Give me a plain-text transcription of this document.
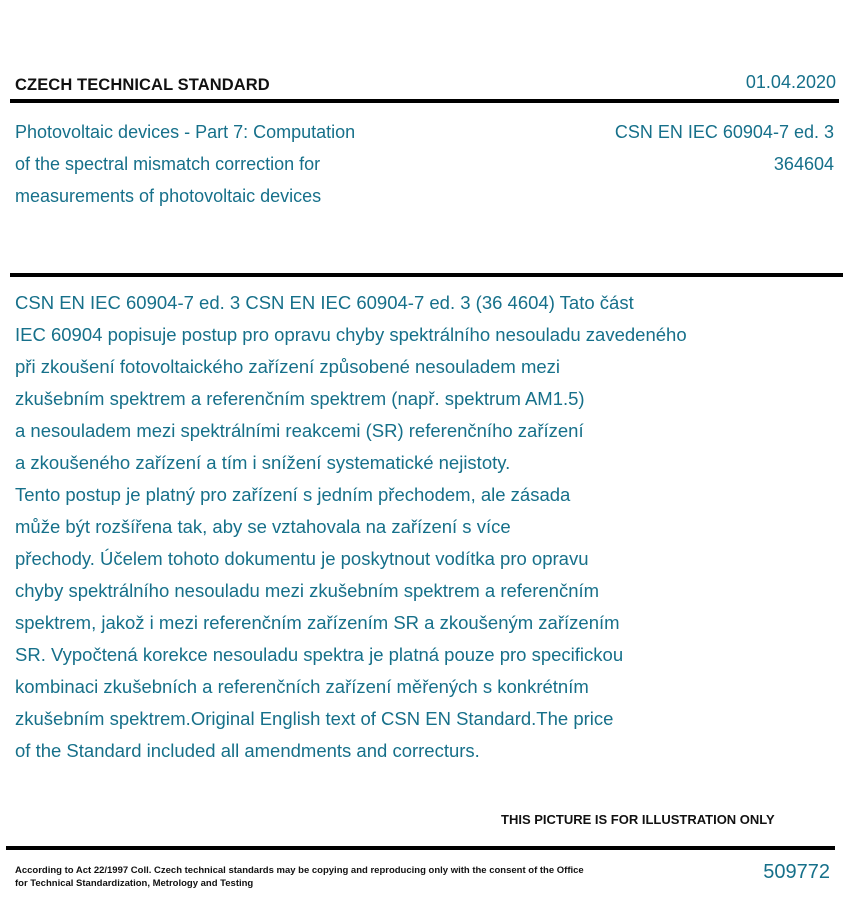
CZECH TECHNICAL STANDARD	01.04.2020
Photovoltaic devices - Part 7: Computation
of the spectral mismatch correction for
measurements of photovoltaic devices
CSN EN IEC 60904-7 ed. 3
364604
CSN EN IEC 60904-7 ed. 3 CSN EN IEC 60904-7 ed. 3 (36 4604) Tato část
IEC 60904 popisuje postup pro opravu chyby spektrálního nesouladu zavedeného
při zkoušení fotovoltaického zařízení způsobené nesouladem mezi
zkušebním spektrem a referenčním spektrem (např. spektrum AM1.5)
a nesouladem mezi spektrálními reakcemi (SR) referenčního zařízení
a zkoušeného zařízení a tím i snížení systematické nejistoty.
Tento postup je platný pro zařízení s jedním přechodem, ale zásada
může být rozšířena tak, aby se vztahovala na zařízení s více
přechody. Účelem tohoto dokumentu je poskytnout vodítka pro opravu
chyby spektrálního nesouladu mezi zkušebním spektrem a referenčním
spektrem, jakož i mezi referenčním zařízením SR a zkoušeným zařízením
SR. Vypočtená korekce nesouladu spektra je platná pouze pro specifickou
kombinaci zkušebních a referenčních zařízení měřených s konkrétním
zkušebním spektrem.Original English text of CSN EN Standard.The price
of the Standard included all amendments and correcturs.
THIS PICTURE IS FOR ILLUSTRATION ONLY
According to Act 22/1997 Coll. Czech technical standards may be copying and reproducing only with the consent of the Office
for Technical Standardization, Metrology and Testing	509772
